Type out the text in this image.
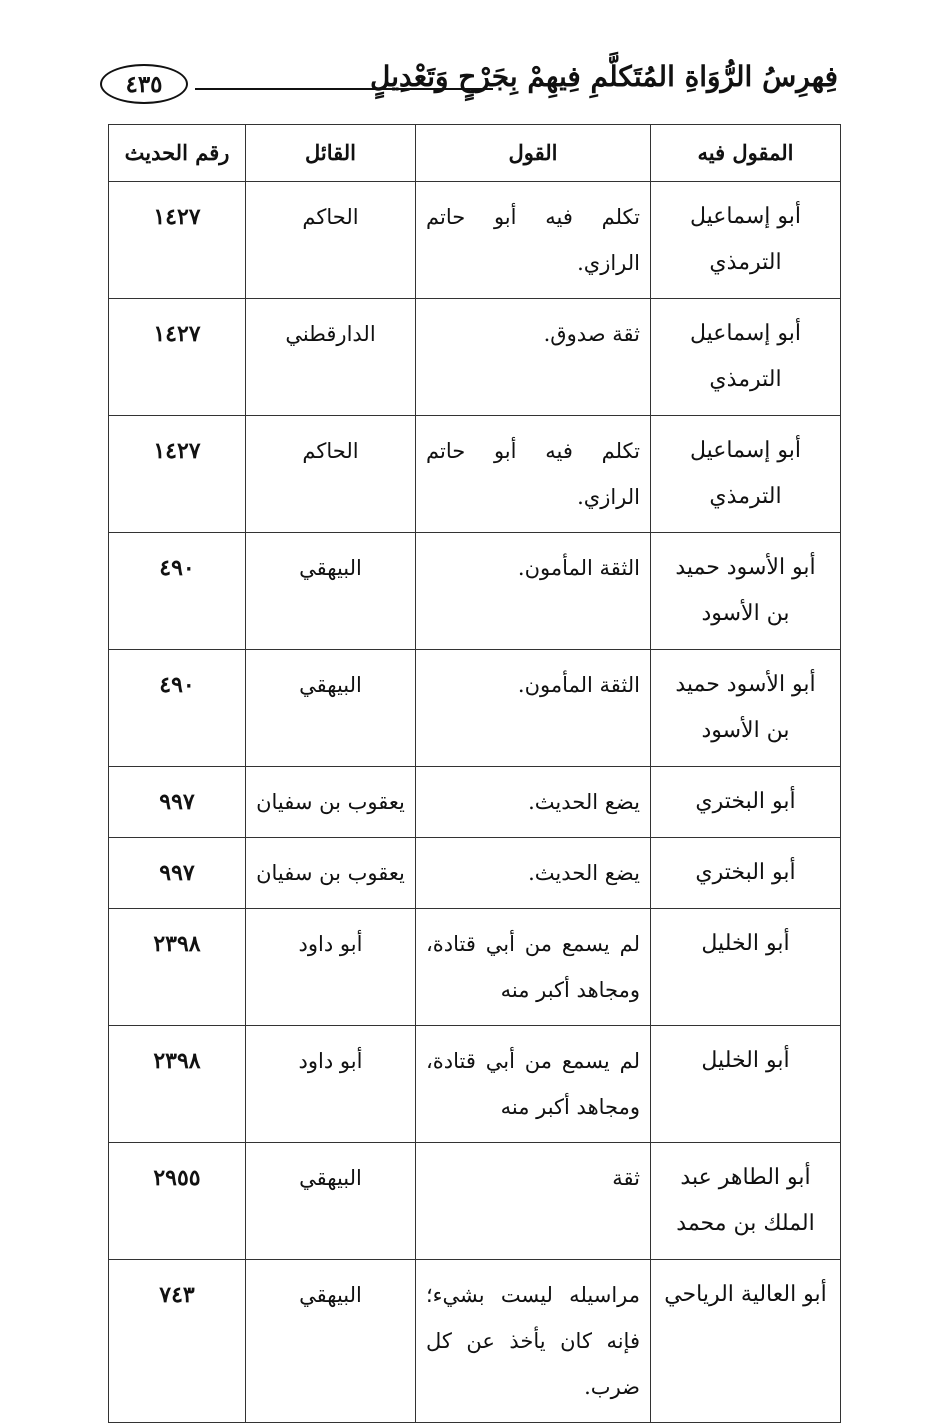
فِهرِسُ الرُّوَاةِ المُتَكلَّمِ فِيهِمْ بِجَرْحٍ وَتَعْدِيلٍ
٤٣٥
المقول فيه	القول	القائل	رقم الحديث
أبو إسماعيل الترمذي	تكلم فيه أبو حاتم الرازي.	الحاكم	١٤٢٧
أبو إسماعيل الترمذي	ثقة صدوق.	الدارقطني	١٤٢٧
أبو إسماعيل الترمذي	تكلم فيه أبو حاتم الرازي.	الحاكم	١٤٢٧
أبو الأسود حميد بن الأسود	الثقة المأمون.	البيهقي	٤٩٠
أبو الأسود حميد بن الأسود	الثقة المأمون.	البيهقي	٤٩٠
أبو البختري	يضع الحديث.	يعقوب بن سفيان	٩٩٧
أبو البختري	يضع الحديث.	يعقوب بن سفيان	٩٩٧
أبو الخليل	لم يسمع من أبي قتادة، ومجاهد أكبر منه	أبو داود	٢٣٩٨
أبو الخليل	لم يسمع من أبي قتادة، ومجاهد أكبر منه	أبو داود	٢٣٩٨
أبو الطاهر عبد الملك بن محمد	ثقة	البيهقي	٢٩٥٥
أبو العالية الرياحي	مراسيله ليست بشيء؛ فإنه كان يأخذ عن كل ضرب.	البيهقي	٧٤٣
